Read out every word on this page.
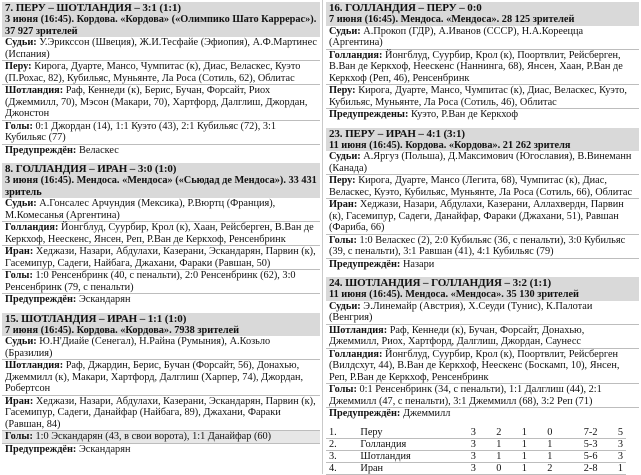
7. ПЕРУ – ШОТЛАНДИЯ – 3:1 (1:1)
3 июня (16:45). Кордова. «Кордова» («Олимпико Шато Каррерас»). 37 927 зрителей
Судьи: У.Эрикссон (Швеция), Ж.И.Тесфайе (Эфиопия), А.Ф.Мартинес (Испания)
Перу: Кирога, Дуарте, Мансо, Чумпитас (к), Диас, Веласкес, Куэто (П.Рохас, 82), Кубильяс, Муньянте, Ла Роса (Сотиль, 62), Облитас
Шотландия: Раф, Кеннеди (к), Берис, Бучан, Форсайт, Риох (Джеммилл, 70), Мэсон (Макари, 70), Хартфорд, Далглиш, Джордан, Джонстон
Голы: 0:1 Джордан (14), 1:1 Куэто (43), 2:1 Кубильяс (72), 3:1 Кубильяс (77)
Предупреждён: Веласкес
8. ГОЛЛАНДИЯ – ИРАН – 3:0 (1:0)
3 июня (16:45). Мендоса. «Мендоса» («Сьюдад де Мендоса»). 33 431 зритель
Судьи: А.Гонсалес Арчундия (Мексика), Р.Вюртц (Франция), М.Комесанья (Аргентина)
Голландия: Йонгблуд, Суурбир, Крол (к), Хаан, Рейсберген, В.Ван де Керкхоф, Неескенс, Янсен, Реп, Р.Ван де Керкхоф, Ренсенбринк
Иран: Хеджази, Назари, Абдулахи, Казерани, Эскандарян, Парвин (к), Гасемипур, Садеги, Найбага, Джахани, Фараки (Равшан, 50)
Голы: 1:0 Ренсенбринк (40, с пенальти), 2:0 Ренсенбринк (62), 3:0 Ренсенбринк (79, с пенальти)
Предупреждён: Эскандарян
15. ШОТЛАНДИЯ – ИРАН – 1:1 (1:0)
7 июня (16:45). Кордова. «Кордова». 7938 зрителей
Судьи: Ю.Н'Диайе (Сенегал), Н.Райна (Румыния), А.Козьло (Бразилия)
Шотландия: Раф, Джардин, Берис, Бучан (Форсайт, 56), Донахью, Джеммилл (к), Макари, Хартфорд, Далглиш (Харпер, 74), Джордан, Робертсон
Иран: Хеджази, Назари, Абдулахи, Казерани, Эскандарян, Парвин (к), Гасемипур, Садеги, Данайфар (Найбага, 89), Джахани, Фараки (Равшан, 84)
Голы: 1:0 Эскандарян (43, в свои ворота), 1:1 Данайфар (60)
Предупреждён: Эскандарян
16. ГОЛЛАНДИЯ – ПЕРУ – 0:0
7 июня (16:45). Мендоса. «Мендоса». 28 125 зрителей
Судьи: А.Прокоп (ГДР), А.Иванов (СССР), Н.А.Кореецца (Аргентина)
Голландия: Йонгблуд, Суурбир, Крол (к), Поортвлит, Рейсберген, В.Ван де Керкхоф, Неескенс (Наннинга, 68), Янсен, Хаан, Р.Ван де Керкхоф (Реп, 46), Ренсенбринк
Перу: Кирога, Дуарте, Мансо, Чумпитас (к), Диас, Веласкес, Куэто, Кубильяс, Муньянте, Ла Роса (Сотиль, 46), Облитас
Предупреждены: Куэто, Р.Ван де Керкхоф
23. ПЕРУ – ИРАН – 4:1 (3:1)
11 июня (16:45). Кордова. «Кордова». 21 262 зрителя
Судьи: А.Яргуз (Польша), Д.Максимович (Югославия), В.Винеманн (Канада)
Перу: Кирога, Дуарте, Мансо (Легита, 68), Чумпитас (к), Диас, Веласкес, Куэто, Кубильяс, Муньянте, Ла Роса (Сотиль, 66), Облитас
Иран: Хеджази, Назари, Абдулахи, Казерани, Аллахвердн, Парвин (к), Гасемипур, Садеги, Данайфар, Фараки (Джахани, 51), Равшан (Фариба, 66)
Голы: 1:0 Веласкес (2), 2:0 Кубильяс (36, с пенальти), 3:0 Кубильяс (39, с пенальти), 3:1 Равшан (41), 4:1 Кубильяс (79)
Предупреждён: Назари
24. ШОТЛАНДИЯ – ГОЛЛАНДИЯ – 3:2 (1:1)
11 июня (16:45). Мендоса. «Мендоса». 35 130 зрителей
Судьи: Э.Линемайр (Австрия), Х.Сеуди (Тунис), К.Палотаи (Венгрия)
Шотландия: Раф, Кеннеди (к), Бучан, Форсайт, Донахью, Джеммилл, Риох, Хартфорд, Далглиш, Джордан, Саунесс
Голландия: Йонгблуд, Суурбир, Крол (к), Поортвлит, Рейсберген (Вилдсхут, 44), В.Ван де Керкхоф, Неескенс (Боскамп, 10), Янсен, Реп, Р.Ван де Керкхоф, Ренсенбринк
Голы: 0:1 Ренсенбринк (34, с пенальти), 1:1 Далглиш (44), 2:1 Джеммилл (47, с пенальти), 3:1 Джеммилл (68), 3:2 Реп (71)
Предупреждён: Джеммилл
1.	Перу	3	2	1	0	7-2	5
2.	Голландия	3	1	1	1	5-3	3
3.	Шотландия	3	1	1	1	5-6	3
4.	Иран	3	0	1	2	2-8	1
